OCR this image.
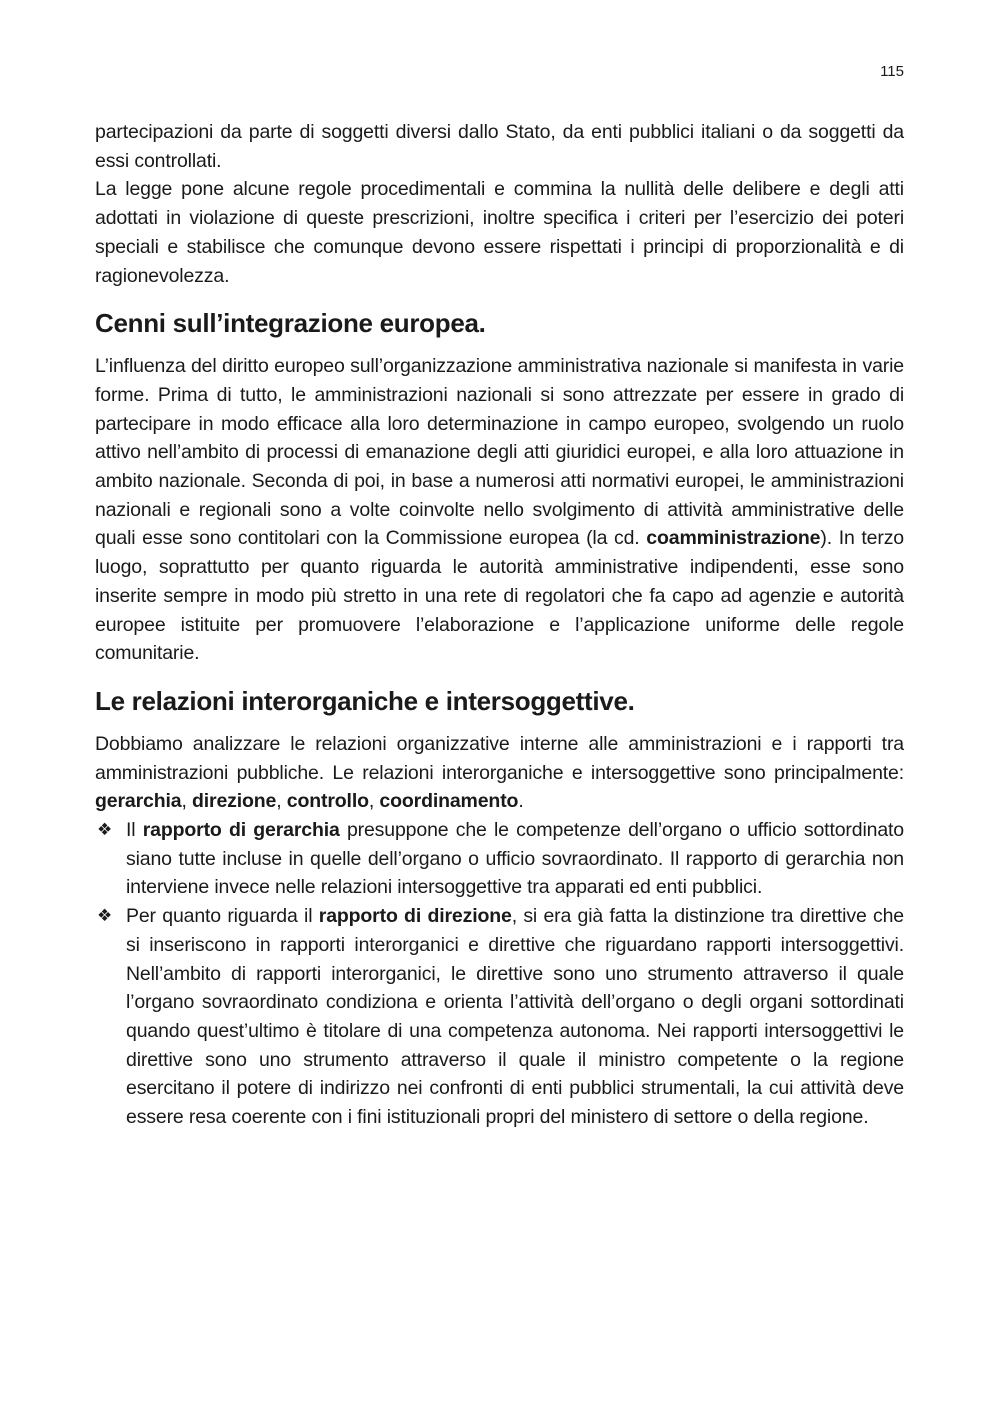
115

partecipazioni da parte di soggetti diversi dallo Stato, da enti pubblici italiani o da soggetti da essi controllati.

La legge pone alcune regole procedimentali e commina la nullità delle delibere e degli atti adottati in violazione di queste prescrizioni, inoltre specifica i criteri per l’esercizio dei poteri speciali e stabilisce che comunque devono essere rispettati i principi di proporzionalità e di ragionevolezza.

Cenni sull’integrazione europea.

L’influenza del diritto europeo sull’organizzazione amministrativa nazionale si manifesta in varie forme. Prima di tutto, le amministrazioni nazionali si sono attrezzate per essere in grado di partecipare in modo efficace alla loro determinazione in campo europeo, svolgendo un ruolo attivo nell’ambito di processi di emanazione degli atti giuridici europei, e alla loro attuazione in ambito nazionale. Seconda di poi, in base a numerosi atti normativi europei, le amministrazioni nazionali e regionali sono a volte coinvolte nello svolgimento di attività amministrative delle quali esse sono contitolari con la Commissione europea (la cd. coamministrazione). In terzo luogo, soprattutto per quanto riguarda le autorità amministrative indipendenti, esse sono inserite sempre in modo più stretto in una rete di regolatori che fa capo ad agenzie e autorità europee istituite per promuovere l’elaborazione e l’applicazione uniforme delle regole comunitarie.

Le relazioni interorganiche e intersoggettive.

Dobbiamo analizzare le relazioni organizzative interne alle amministrazioni e i rapporti tra amministrazioni pubbliche. Le relazioni interorganiche e intersoggettive sono principalmente: gerarchia, direzione, controllo, coordinamento.

❖ Il rapporto di gerarchia presuppone che le competenze dell’organo o ufficio sottordinato siano tutte incluse in quelle dell’organo o ufficio sovraordinato. Il rapporto di gerarchia non interviene invece nelle relazioni intersoggettive tra apparati ed enti pubblici.
❖ Per quanto riguarda il rapporto di direzione, si era già fatta la distinzione tra direttive che si inseriscono in rapporti interorganici e direttive che riguardano rapporti intersoggettivi. Nell’ambito di rapporti interorganici, le direttive sono uno strumento attraverso il quale l’organo sovraordinato condiziona e orienta l’attività dell’organo o degli organi sottordinati quando quest’ultimo è titolare di una competenza autonoma. Nei rapporti intersoggettivi le direttive sono uno strumento attraverso il quale il ministro competente o la regione esercitano il potere di indirizzo nei confronti di enti pubblici strumentali, la cui attività deve essere resa coerente con i fini istituzionali propri del ministero di settore o della regione.
